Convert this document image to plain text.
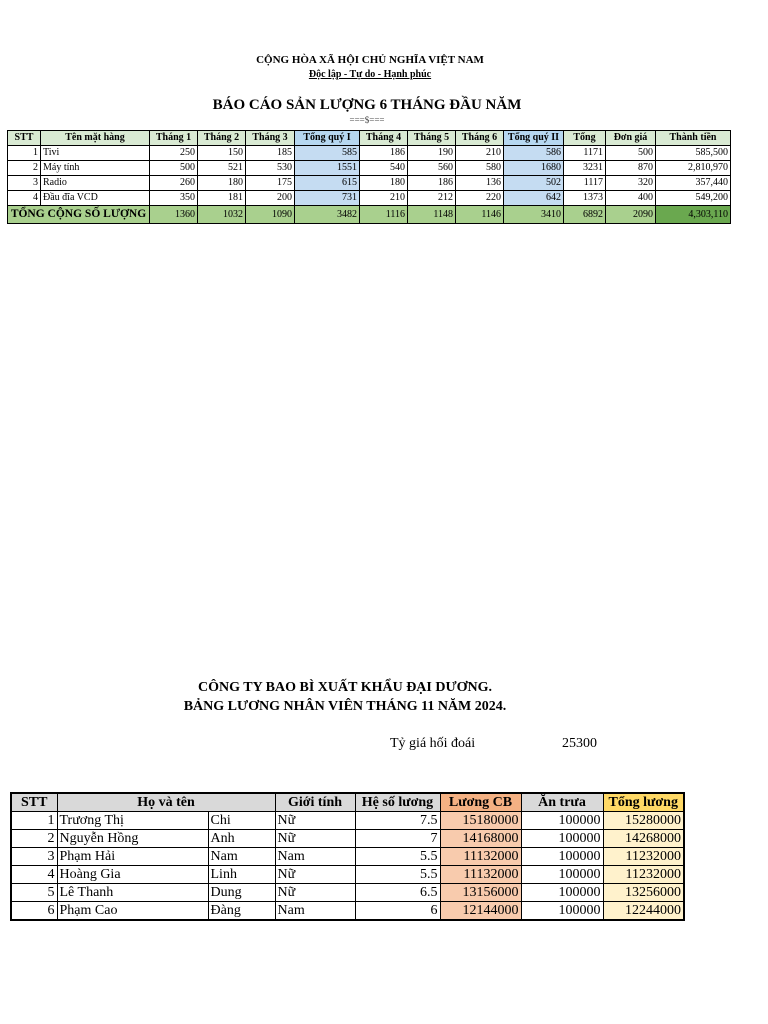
CỘNG HÒA XÃ HỘI CHỦ NGHĨA VIỆT NAM
Độc lập - Tự do - Hạnh phúc
BÁO CÁO SẢN LƯỢNG 6 THÁNG ĐẦU NĂM
===$===
STT	Tên mặt hàng	Tháng 1	Tháng 2	Tháng 3	Tổng quý I	Tháng 4	Tháng 5	Tháng 6	Tổng quý II	Tổng	Đơn giá	Thành tiền
1	Tivi	250	150	185	585	186	190	210	586	1171	500	585,500
2	Máy tính	500	521	530	1551	540	560	580	1680	3231	870	2,810,970
3	Radio	260	180	175	615	180	186	136	502	1117	320	357,440
4	Đầu đĩa VCD	350	181	200	731	210	212	220	642	1373	400	549,200
TỔNG CỘNG SỐ LƯỢNG		1360	1032	1090	3482	1116	1148	1146	3410	6892	2090	4,303,110
CÔNG TY BAO BÌ XUẤT KHẨU ĐẠI DƯƠNG.
BẢNG LƯƠNG NHÂN VIÊN THÁNG 11 NĂM 2024.
Tỷ giá hối đoái	25300
STT	Họ và tên		Giới tính	Hệ số lương	Lương CB	Ăn trưa	Tổng lương
1	Trương Thị	Chi	Nữ	7.5	15180000	100000	15280000
2	Nguyễn Hồng	Anh	Nữ	7	14168000	100000	14268000
3	Phạm Hải	Nam	Nam	5.5	11132000	100000	11232000
4	Hoàng Gia	Linh	Nữ	5.5	11132000	100000	11232000
5	Lê Thanh	Dung	Nữ	6.5	13156000	100000	13256000
6	Phạm Cao	Đàng	Nam	6	12144000	100000	12244000
